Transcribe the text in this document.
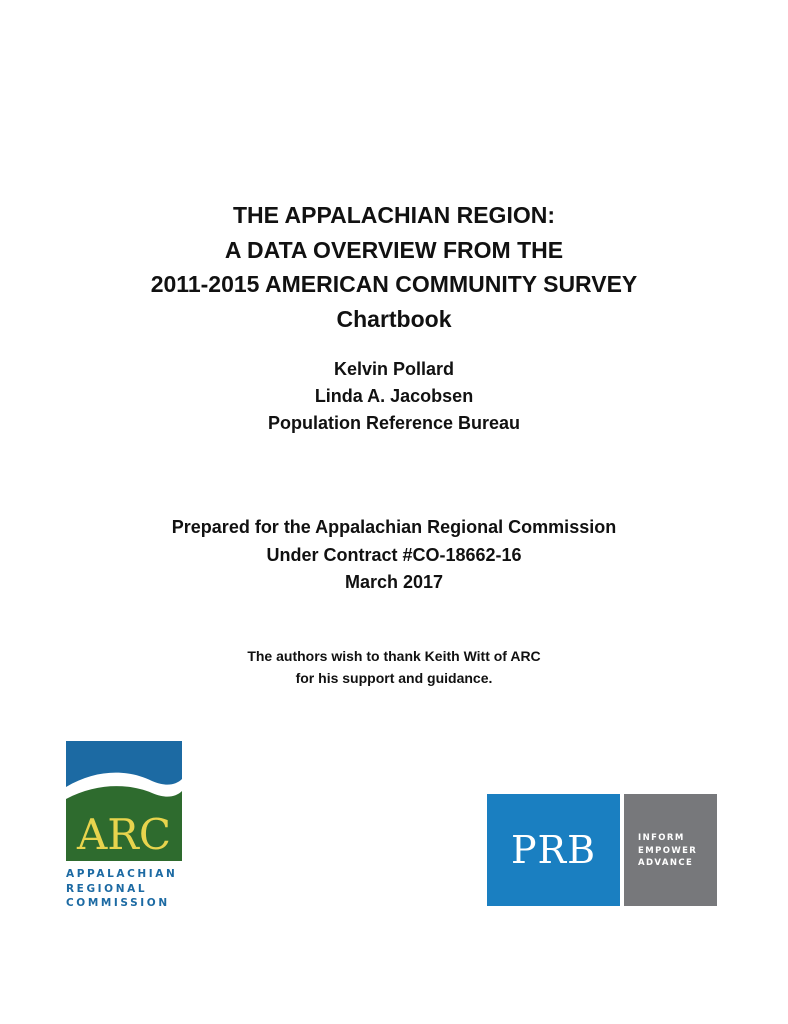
THE APPALACHIAN REGION:
A DATA OVERVIEW FROM THE
2011-2015 AMERICAN COMMUNITY SURVEY
Chartbook
Kelvin Pollard
Linda A. Jacobsen
Population Reference Bureau
Prepared for the Appalachian Regional Commission
Under Contract #CO-18662-16
March 2017
The authors wish to thank Keith Witt of ARC
for his support and guidance.
ARC
APPALACHIAN
REGIONAL
COMMISSION
PRB	INFORM
EMPOWER
ADVANCE
